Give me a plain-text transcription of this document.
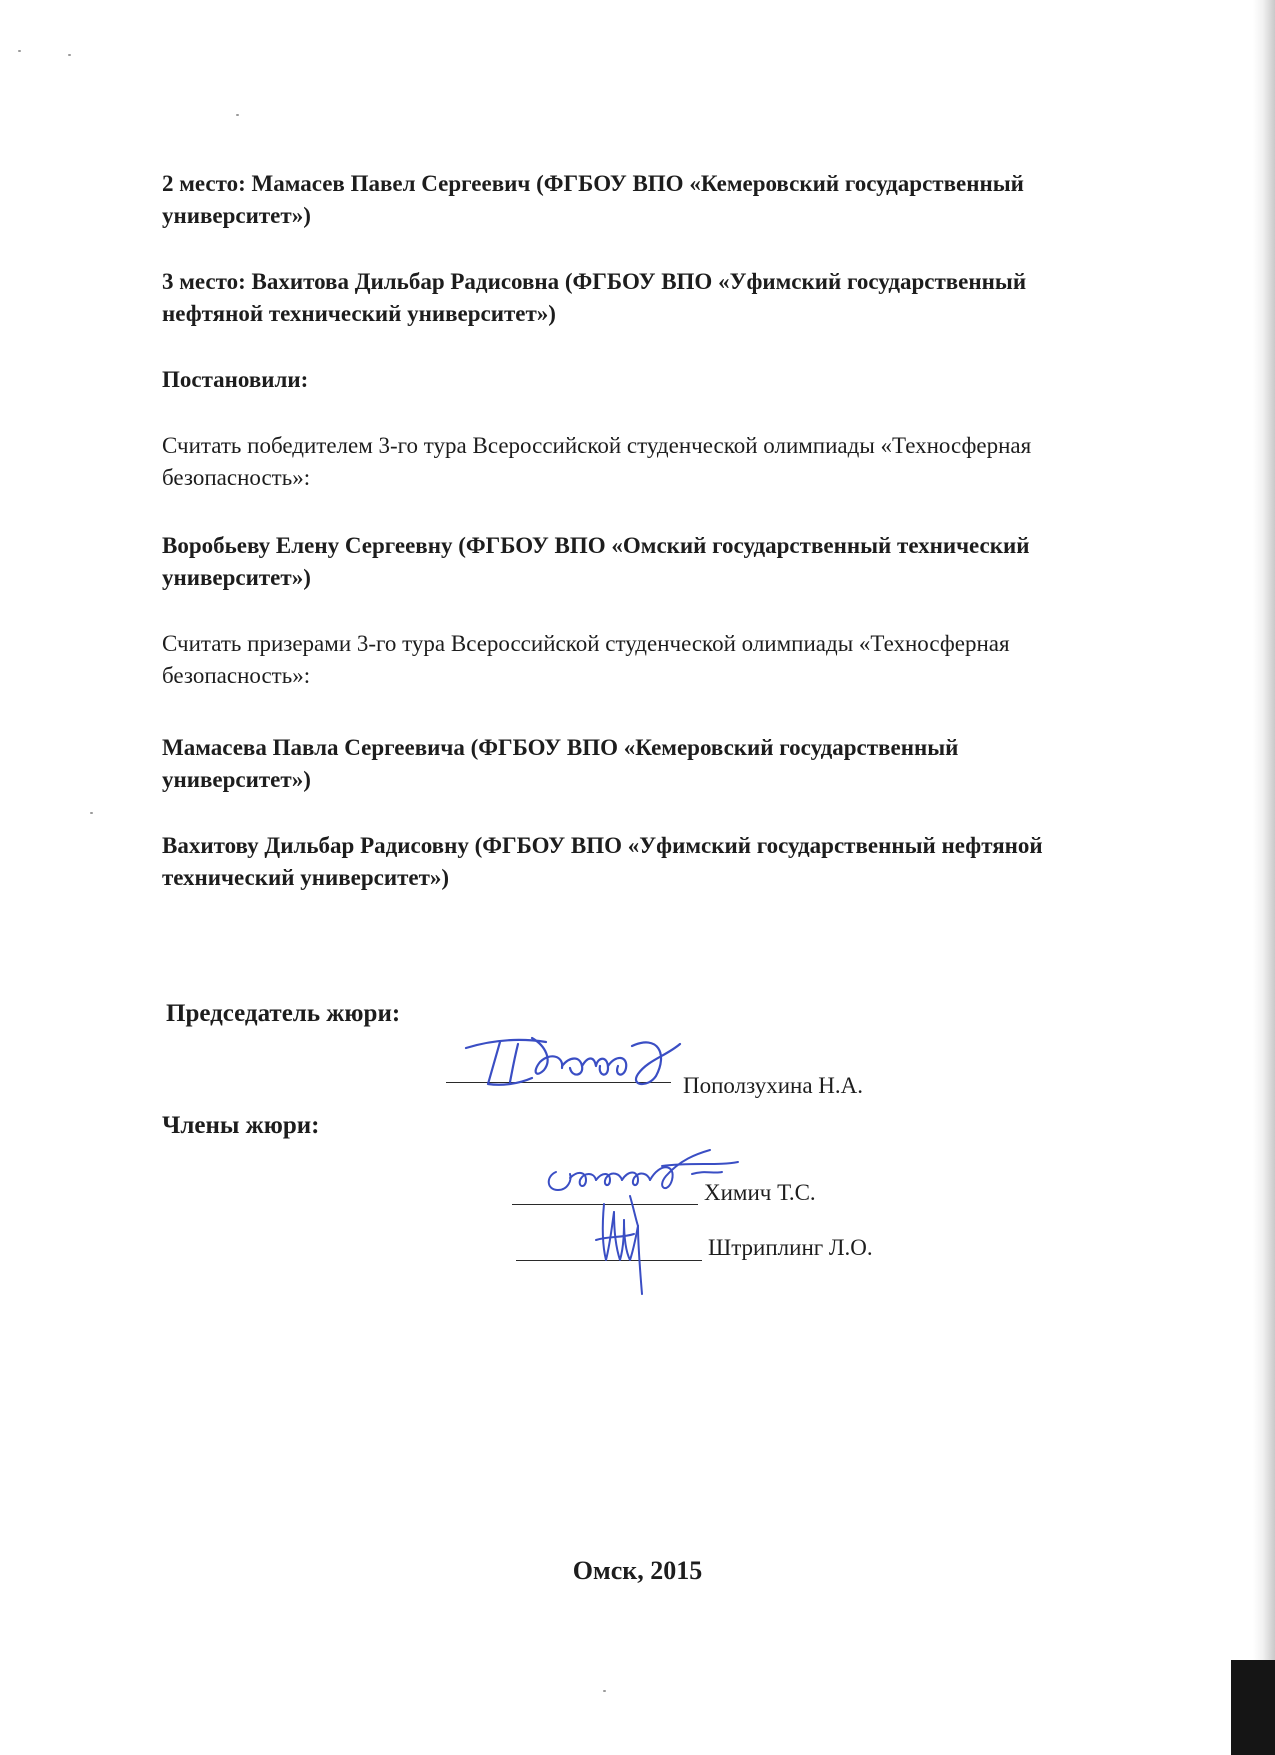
2 место: Мамасев Павел Сергеевич (ФГБОУ ВПО «Кемеровский государственный университет»)

3 место: Вахитова Дильбар Радисовна (ФГБОУ ВПО «Уфимский государственный нефтяной технический университет»)

Постановили:

Считать победителем 3-го тура Всероссийской студенческой олимпиады «Техносферная безопасность»:

Воробьеву Елену Сергеевну (ФГБОУ ВПО «Омский государственный технический университет»)

Считать призерами 3-го тура Всероссийской студенческой олимпиады «Техносферная безопасность»:

Мамасева Павла Сергеевича (ФГБОУ ВПО «Кемеровский государственный университет»)

Вахитову Дильбар Радисовну (ФГБОУ ВПО «Уфимский государственный нефтяной технический университет»)

Председатель жюри:

Члены жюри:

Поползухина Н.А.
Химич Т.С.
Штриплинг Л.О.
Омск, 2015
